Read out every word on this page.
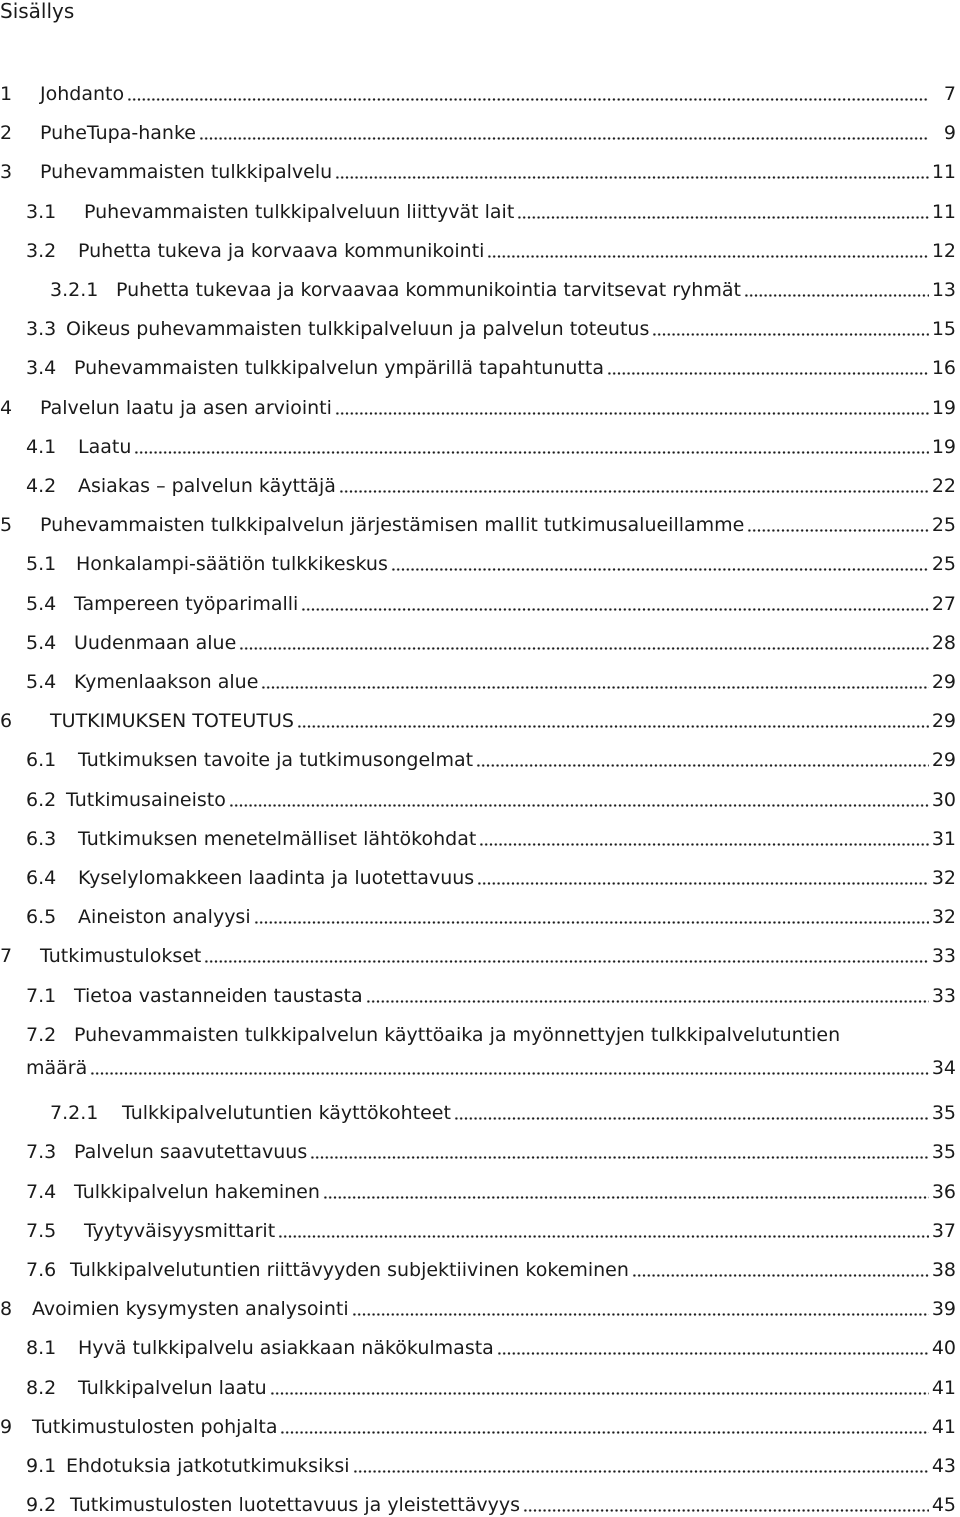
Sisällys
1 Johdanto	7
2 PuheTupa-hanke	9
3 Puhevammaisten tulkkipalvelu	11
3.1 Puhevammaisten tulkkipalveluun liittyvät lait	11
3.2 Puhetta tukeva ja korvaava kommunikointi	12
3.2.1 Puhetta tukevaa ja korvaavaa kommunikointia tarvitsevat ryhmät	13
3.3 Oikeus puhevammaisten tulkkipalveluun ja palvelun toteutus	15
3.4 Puhevammaisten tulkkipalvelun ympärillä tapahtunutta	16
4 Palvelun laatu ja asen arviointi	19
4.1 Laatu	19
4.2 Asiakas – palvelun käyttäjä	22
5 Puhevammaisten tulkkipalvelun järjestämisen mallit tutkimusalueillamme	25
5.1 Honkalampi-säätiön tulkkikeskus	25
5.4 Tampereen työparimalli	27
5.4 Uudenmaan alue	28
5.4 Kymenlaakson alue	29
6 TUTKIMUKSEN TOTEUTUS	29
6.1 Tutkimuksen tavoite ja tutkimusongelmat	29
6.2 Tutkimusaineisto	30
6.3 Tutkimuksen menetelmälliset lähtökohdat	31
6.4 Kyselylomakkeen laadinta ja luotettavuus	32
6.5 Aineiston analyysi	32
7 Tutkimustulokset	33
7.1 Tietoa vastanneiden taustasta	33
7.2 Puhevammaisten tulkkipalvelun käyttöaika ja myönnettyjen tulkkipalvelutuntien
määrä	34
7.2.1 Tulkkipalvelutuntien käyttökohteet	35
7.3 Palvelun saavutettavuus	35
7.4 Tulkkipalvelun hakeminen	36
7.5 Tyytyväisyysmittarit	37
7.6 Tulkkipalvelutuntien riittävyyden subjektiivinen kokeminen	38
8 Avoimien kysymysten analysointi	39
8.1 Hyvä tulkkipalvelu asiakkaan näkökulmasta	40
8.2 Tulkkipalvelun laatu	41
9 Tutkimustulosten pohjalta	41
9.1 Ehdotuksia jatkotutkimuksiksi	43
9.2 Tutkimustulosten luotettavuus ja yleistettävyys	45
